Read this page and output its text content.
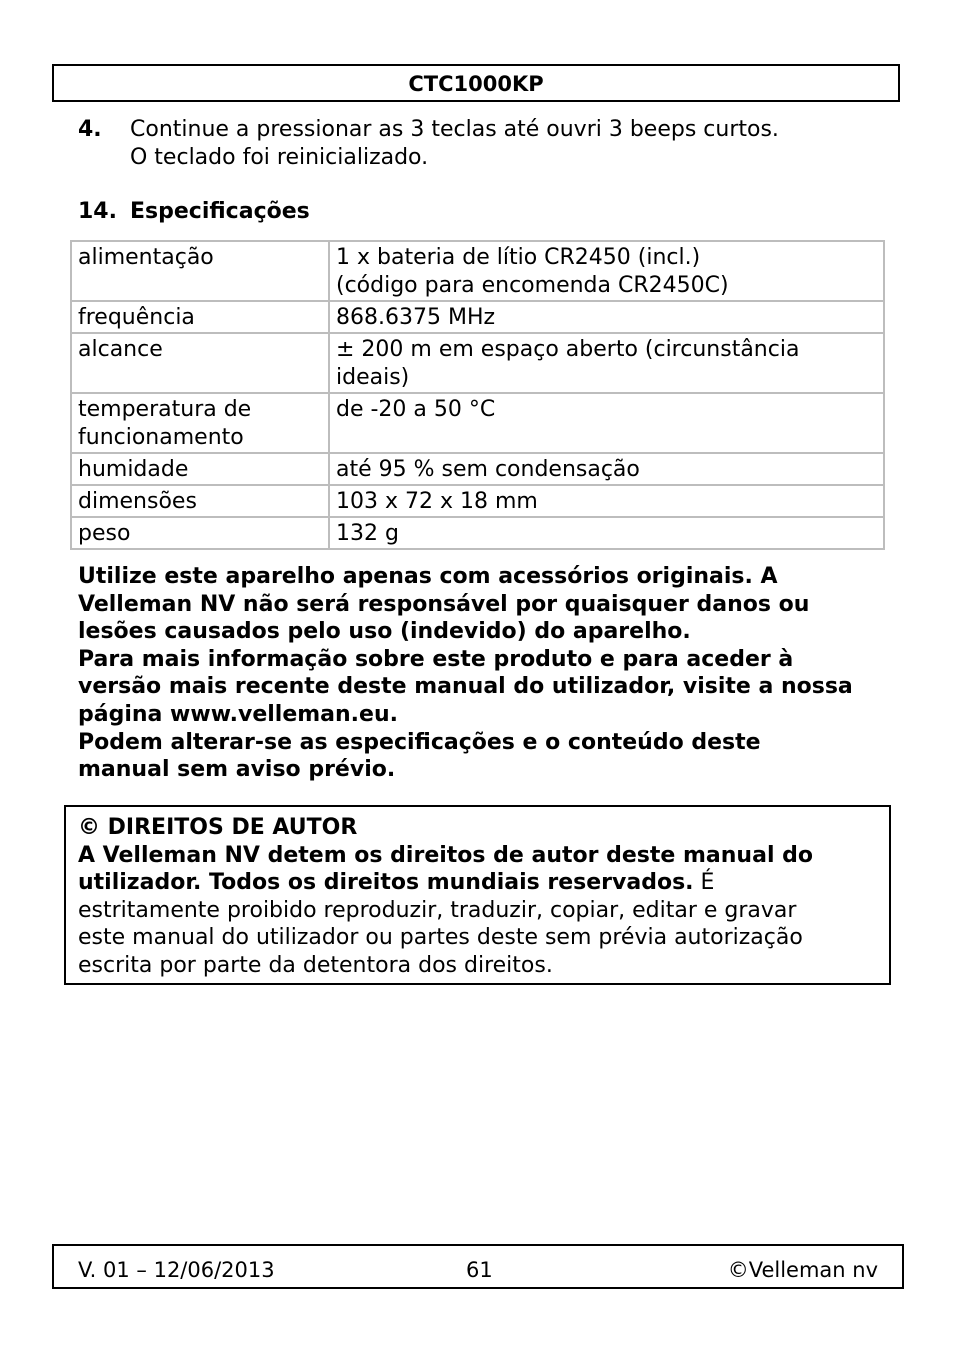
CTC1000KP
4. Continue a pressionar as 3 teclas até ouvri 3 beeps curtos.
O teclado foi reinicializado.
14. Especificações
alimentação	1 x bateria de lítio CR2450 (incl.)
(código para encomenda CR2450C)

frequência	868.6375 MHz
alcance	± 200 m em espaço aberto (circunstância
ideais)

temperatura de
funcionamento	de -20 a 50 °C
humidade	até 95 % sem condensação
dimensões	103 x 72 x 18 mm
peso	132 g

Utilize este aparelho apenas com acessórios originais. A
Velleman NV não será responsável por quaisquer danos ou
lesões causados pelo uso (indevido) do aparelho.

Para mais informação sobre este produto e para aceder à
versão mais recente deste manual do utilizador, visite a nossa
página www.velleman.eu.

Podem alterar-se as especificações e o conteúdo deste
manual sem aviso prévio.

© DIREITOS DE AUTOR
A Velleman NV detem os direitos de autor deste manual do
utilizador. Todos os direitos mundiais reservados. É
estritamente proibido reproduzir, traduzir, copiar, editar e gravar
este manual do utilizador ou partes deste sem prévia autorização
escrita por parte da detentora dos direitos.
V. 01 – 12/06/2013	61	©Velleman nv
